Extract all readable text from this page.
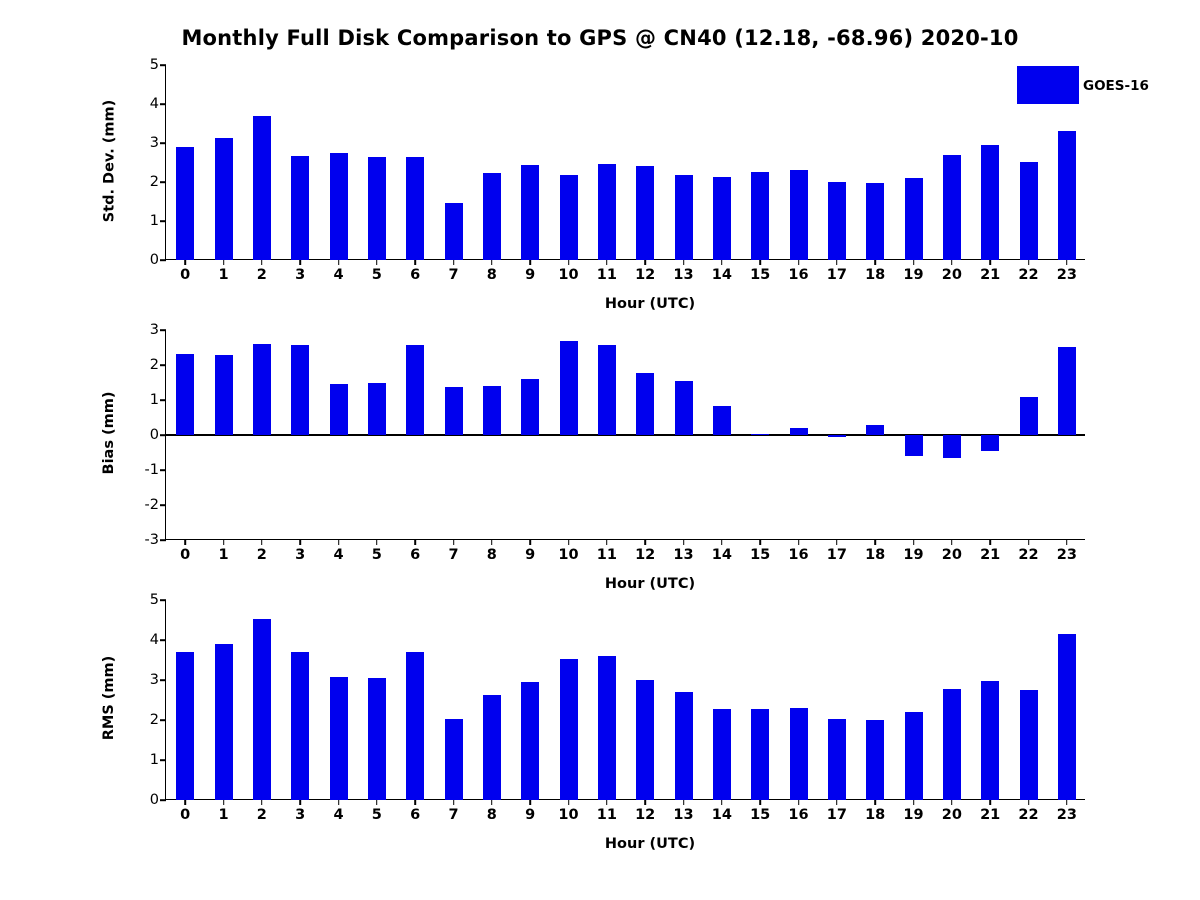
Monthly Full Disk Comparison to GPS @ CN40 (12.18, -68.96) 2020-10
0
1
2
3
4
5
0 1 2 3 4 5 6 7 8 9 10 11 12 13 14 15 16 17 18 19 20 21 22 23
Std. Dev. (mm)
Hour (UTC)
GOES-16
-3
-2
-1
0
1
2
3
0 1 2 3 4 5 6 7 8 9 10 11 12 13 14 15 16 17 18 19 20 21 22 23
Bias (mm)
Hour (UTC)
0
1
2
3
4
5
0 1 2 3 4 5 6 7 8 9 10 11 12 13 14 15 16 17 18 19 20 21 22 23
RMS (mm)
Hour (UTC)
